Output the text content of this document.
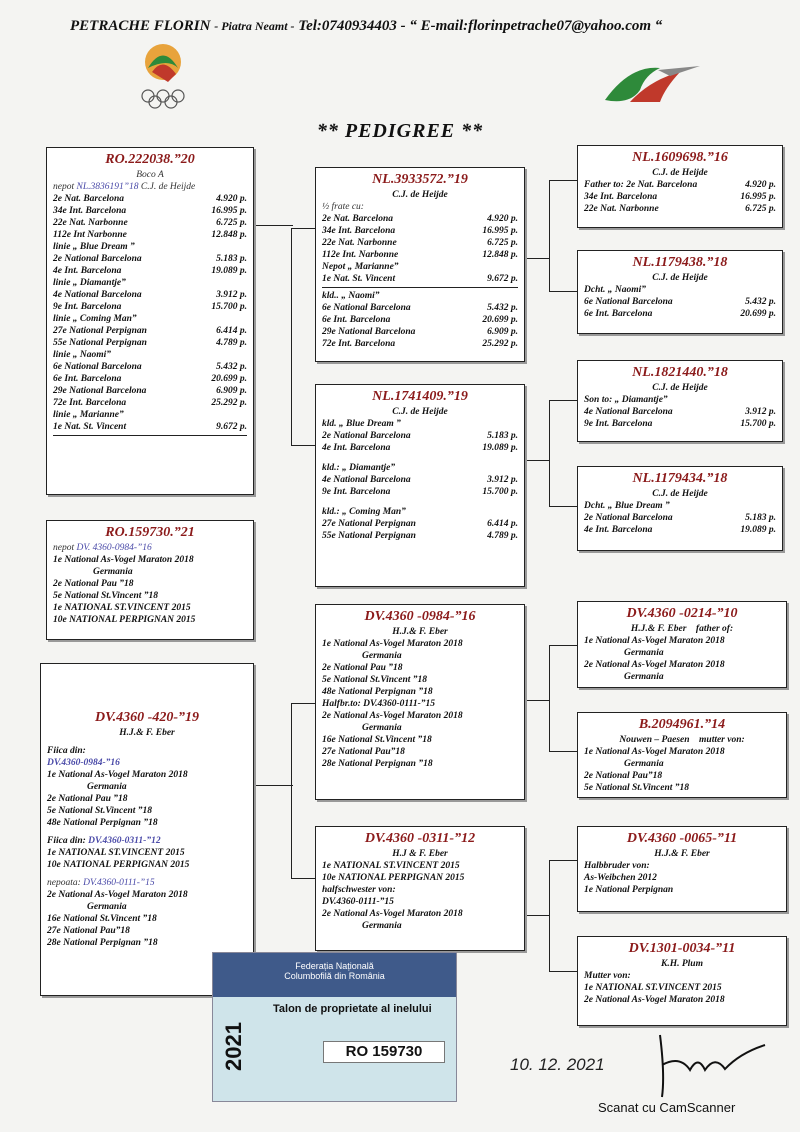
PETRACHE FLORIN - Piatra Neamt - Tel:0740934403 - “ E-mail:florinpetrache07@yahoo.com “
** PEDIGREE **
RO.222038.”20
Boco A
nepot NL.3836191”18 C.J. de Heijde
2e Nat. Barcelona	4.920 p.
34e Int. Barcelona	16.995 p.
22e Nat. Narbonne	6.725 p.
112e Int Narbonne	12.848 p.
linie „ Blue Dream ”
2e National Barcelona	5.183 p.
4e Int. Barcelona	19.089 p.
linie „ Diamantje”
4e National Barcelona	3.912 p.
9e Int. Barcelona	15.700 p.
linie „ Coming Man”
27e National Perpignan	6.414 p.
55e National Perpignan	4.789 p.
linie „ Naomi”
6e National Barcelona	5.432 p.
6e Int. Barcelona	20.699 p.
29e National Barcelona	6.909 p.
72e Int. Barcelona	25.292 p.
linie „ Marianne”
1e Nat. St. Vincent	9.672 p.
RO.159730.”21
nepot DV. 4360-0984-”16
1e National As-Vogel Maraton 2018
Germania
2e National Pau ”18
5e National St.Vincent ”18
1e NATIONAL ST.VINCENT 2015
10e NATIONAL PERPIGNAN 2015
DV.4360 -420-”19
H.J.& F. Eber
Fiica din:
DV.4360-0984-”16
1e National As-Vogel Maraton 2018
Germania
2e National Pau ”18
5e National St.Vincent ”18
48e National Perpignan ”18
Fiica din: DV.4360-0311-”12
1e NATIONAL ST.VINCENT 2015
10e NATIONAL PERPIGNAN 2015
nepoata: DV.4360-0111-”15
2e National As-Vogel Maraton 2018
Germania
16e National St.Vincent ”18
27e National Pau”18
28e National Perpignan ”18
NL.3933572.”19
C.J. de Heijde
½ frate cu:
2e Nat. Barcelona	4.920 p.
34e Int. Barcelona	16.995 p.
22e Nat. Narbonne	6.725 p.
112e Int. Narbonne	12.848 p.
Nepot „ Marianne”
1e Nat. St. Vincent	9.672 p.
kld.. „ Naomi”
6e National Barcelona	5.432 p.
6e Int. Barcelona	20.699 p.
29e National Barcelona	6.909 p.
72e Int. Barcelona	25.292 p.
NL.1741409.”19
C.J. de Heijde
kld. „ Blue Dream ”
2e National Barcelona	5.183 p.
4e Int. Barcelona	19.089 p.
kld.: „ Diamantje”
4e National Barcelona	3.912 p.
9e Int. Barcelona	15.700 p.
kld.: „ Coming Man”
27e National Perpignan	6.414 p.
55e National Perpignan	4.789 p.
DV.4360 -0984-”16
H.J.& F. Eber
1e National As-Vogel Maraton 2018
Germania
2e National Pau ”18
5e National St.Vincent ”18
48e National Perpignan ”18
Halfbr.to: DV.4360-0111-”15
2e National As-Vogel Maraton 2018
Germania
16e National St.Vincent ”18
27e National Pau”18
28e National Perpignan ”18
DV.4360 -0311-”12
H.J & F. Eber
1e NATIONAL ST.VINCENT 2015
10e NATIONAL PERPIGNAN 2015
halfschwester von:
DV.4360-0111-”15
2e National As-Vogel Maraton 2018
Germania
NL.1609698.”16
C.J. de Heijde
Father to: 2e Nat. Barcelona	4.920 p.
34e Int. Barcelona	16.995 p.
22e Nat. Narbonne	6.725 p.
NL.1179438.”18
C.J. de Heijde
Dcht. „ Naomi”
6e National Barcelona	5.432 p.
6e Int. Barcelona	20.699 p.
NL.1821440.”18
C.J. de Heijde
Son to: „ Diamantje”
4e National Barcelona	3.912 p.
9e Int. Barcelona	15.700 p.
NL.1179434.”18
C.J. de Heijde
Dcht. „ Blue Dream ”
2e National Barcelona	5.183 p.
4e Int. Barcelona	19.089 p.
DV.4360 -0214-”10
H.J.& F. Eber father of:
1e National As-Vogel Maraton 2018
Germania
2e National As-Vogel Maraton 2018
Germania
B.2094961.”14
Nouwen – Paesen mutter von:
1e National As-Vogel Maraton 2018
Germania
2e National Pau”18
5e National St.Vincent ”18
DV.4360 -0065-”11
H.J.& F. Eber
Halbbruder von:
As-Weibchen 2012
1e National Perpignan
DV.1301-0034-”11
K.H. Plum
Mutter von:
1e NATIONAL ST.VINCENT 2015
2e National As-Vogel Maraton 2018
Federația Națională
Columbofilă din România
2021
Talon de proprietate al inelului
RO 159730
10. 12. 2021
Scanat cu CamScanner
